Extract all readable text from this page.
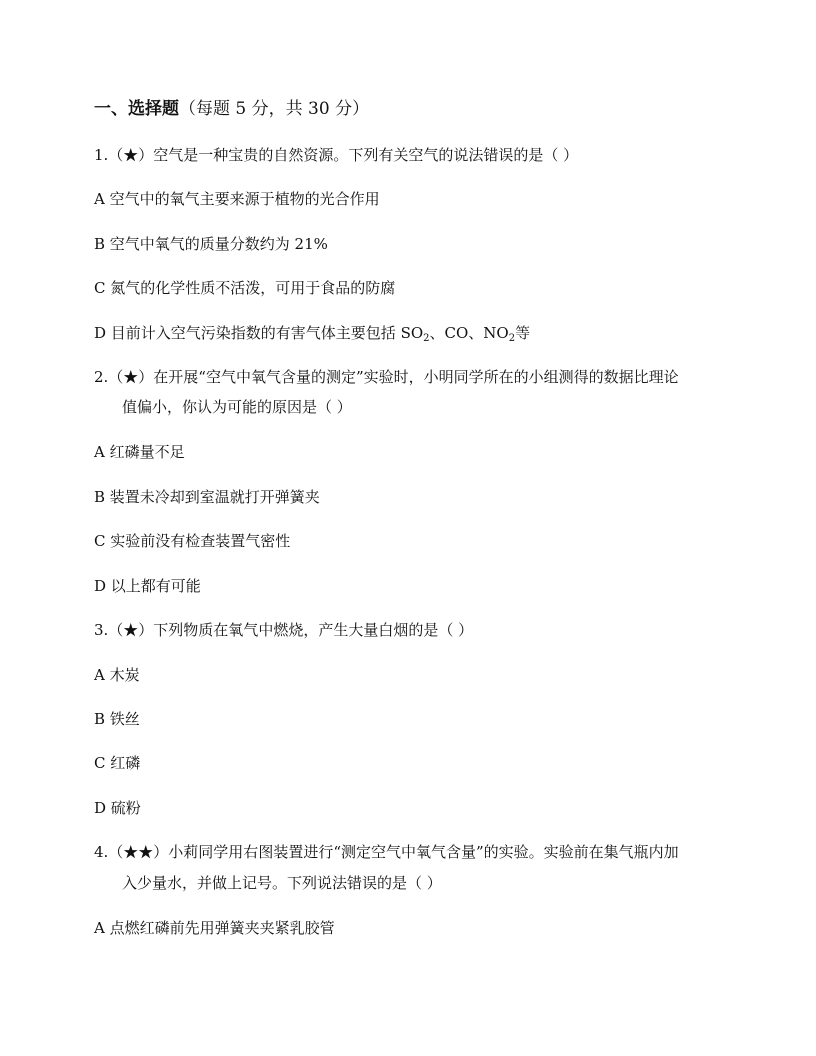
一、选择题（每题 5 分，共 30 分）
1.（★）空气是一种宝贵的自然资源。下列有关空气的说法错误的是（ ）
A 空气中的氧气主要来源于植物的光合作用
B 空气中氧气的质量分数约为 21%
C 氮气的化学性质不活泼，可用于食品的防腐
D 目前计入空气污染指数的有害气体主要包括 $SO_2$、CO、$NO_2$等
2.（★）在开展“空气中氧气含量的测定”实验时，小明同学所在的小组测得的数据比理论
值偏小，你认为可能的原因是（ ）
A 红磷量不足
B 装置未冷却到室温就打开弹簧夹
C 实验前没有检查装置气密性
D 以上都有可能
3.（★）下列物质在氧气中燃烧，产生大量白烟的是（ ）
A 木炭
B 铁丝
C 红磷
D 硫粉
4.（★★）小莉同学用右图装置进行“测定空气中氧气含量”的实验。实验前在集气瓶内加
入少量水，并做上记号。下列说法错误的是（ ）
A 点燃红磷前先用弹簧夹夹紧乳胶管
